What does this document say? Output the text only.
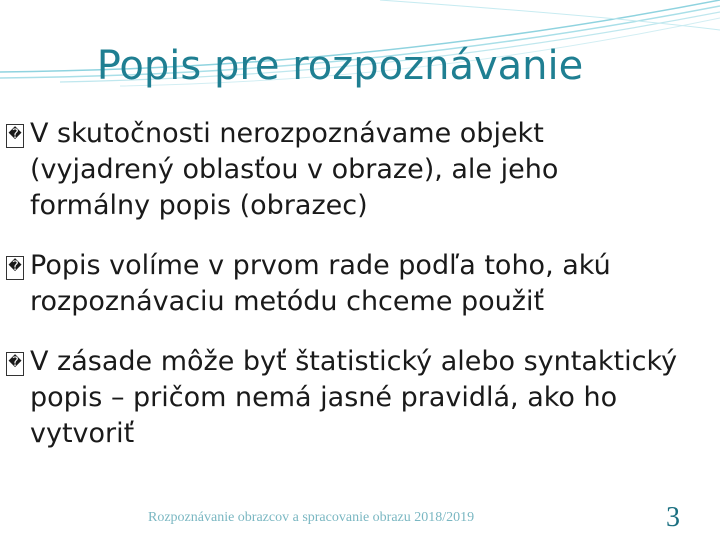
Popis pre rozpoznávanie
� V skutočnosti nerozpoznávame objekt
(vyjadrený oblasťou v obraze), ale jeho
formálny popis (obrazec)
� Popis volíme v prvom rade podľa toho, akú
rozpoznávaciu metódu chceme použiť
� V zásade môže byť štatistický alebo syntaktický
popis – pričom nemá jasné pravidlá, ako ho
vytvoriť
Rozpoznávanie obrazcov a spracovanie obrazu 2018/2019	3
